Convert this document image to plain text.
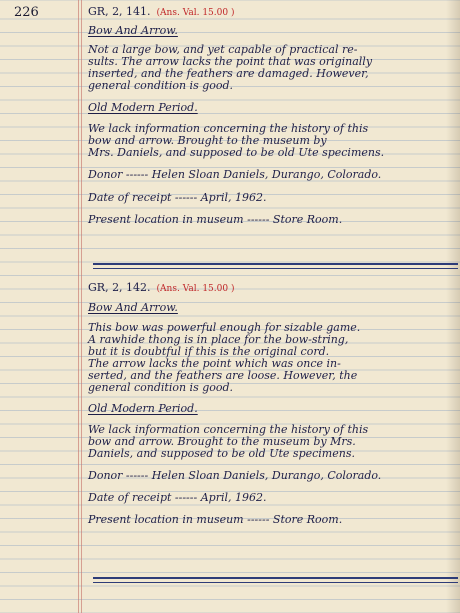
226	GR, 2, 141. (Ans. Val. 15.00 )
Bow And Arrow.
Not a large bow, and yet capable of practical re-
sults. The arrow lacks the point that was originally
inserted, and the feathers are damaged. However,
general condition is good.
Old Modern Period.
We lack information concerning the history of this
bow and arrow. Brought to the museum by
Mrs. Daniels, and supposed to be old Ute specimens.
Donor ------ Helen Sloan Daniels, Durango, Colorado.
Date of receipt ------ April, 1962.
Present location in museum ------ Store Room.
GR, 2, 142. (Ans. Val. 15.00 )
Bow And Arrow.
This bow was powerful enough for sizable game.
A rawhide thong is in place for the bow-string,
but it is doubtful if this is the original cord.
The arrow lacks the point which was once in-
serted, and the feathers are loose. However, the
general condition is good.
Old Modern Period.
We lack information concerning the history of this
bow and arrow. Brought to the museum by Mrs.
Daniels, and supposed to be old Ute specimens.
Donor ------ Helen Sloan Daniels, Durango, Colorado.
Date of receipt ------ April, 1962.
Present location in museum ------ Store Room.
